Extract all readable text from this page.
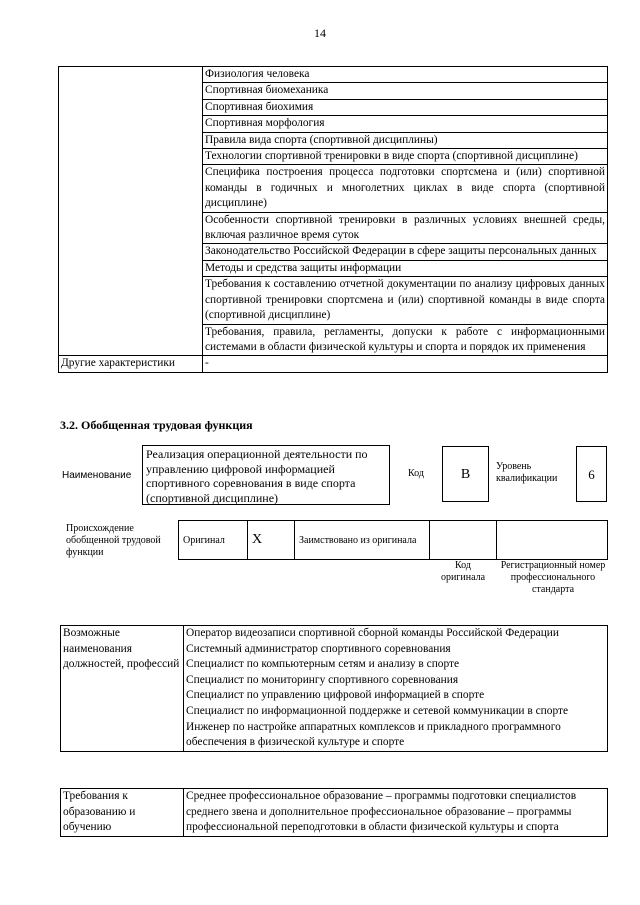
14
	Физиология человека
	Спортивная биомеханика
	Спортивная биохимия
	Спортивная морфология
	Правила вида спорта (спортивной дисциплины)
	Технологии спортивной тренировки в виде спорта (спортивной дисциплине)
	Специфика построения процесса подготовки спортсмена и (или) спортивной команды в годичных и многолетних циклах в виде спорта (спортивной дисциплине)
	Особенности спортивной тренировки в различных условиях внешней среды, включая различное время суток
	Законодательство Российской Федерации в сфере защиты персональных данных
	Методы и средства защиты информации
	Требования к составлению отчетной документации по анализу цифровых данных спортивной тренировки спортсмена и (или) спортивной команды в виде спорта (спортивной дисциплине)
	Требования, правила, регламенты, допуски к работе с информационными системами в области физической культуры и спорта и порядок их применения
Другие характеристики	-
3.2. Обобщенная трудовая функция
Наименование
Реализация операционной деятельности по управлению цифровой информацией спортивного соревнования в виде спорта (спортивной дисциплине)
Код	B
Уровень квалификации	6
Происхождение обобщенной трудовой функции
Оригинал	X	Заимствовано из оригинала		
Код оригинала
Регистрационный номер профессионального стандарта
Возможные наименования должностей, профессий	
Оператор видеозаписи спортивной сборной команды Российской Федерации
Системный администратор спортивного соревнования
Специалист по компьютерным сетям и анализу в спорте
Специалист по мониторингу спортивного соревнования
Специалист по управлению цифровой информацией в спорте
Специалист по информационной поддержке и сетевой коммуникации в спорте
Инженер по настройке аппаратных комплексов и прикладного программного обеспечения в физической культуре и спорте
Требования к образованию и обучению	Среднее профессиональное образование – программы подготовки специалистов среднего звена и дополнительное профессиональное образование – программы профессиональной переподготовки в области физической культуры и спорта
